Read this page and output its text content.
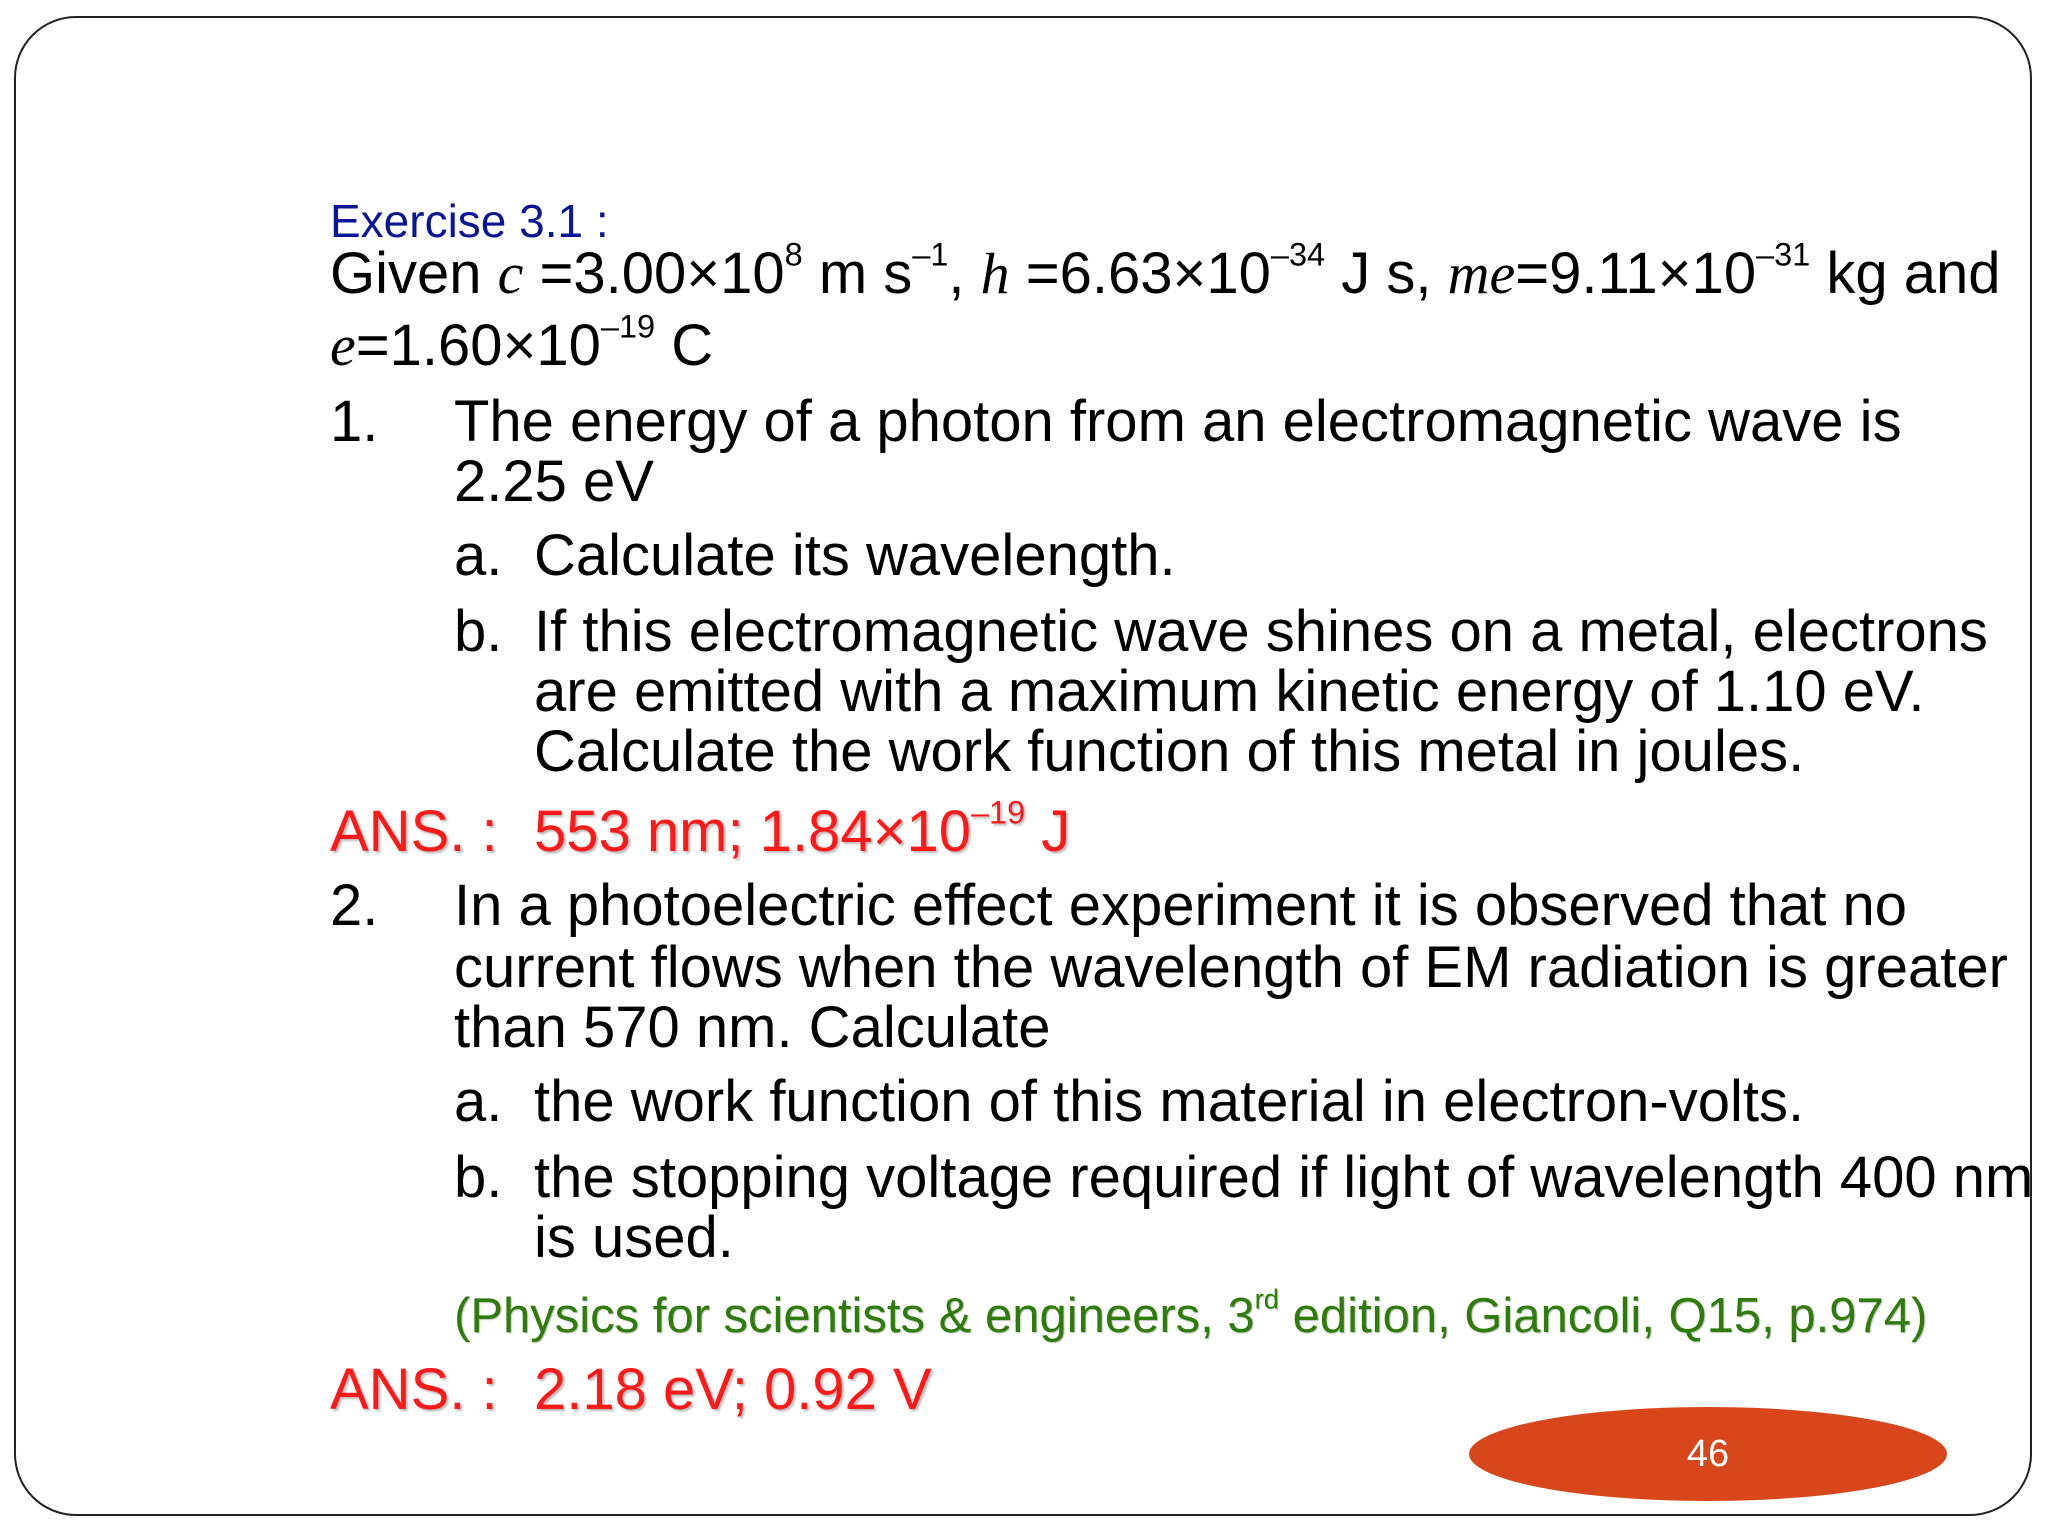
Exercise 3.1 :
Given $c =3.00\times 10^8$ m $s^{-1}$, $h =6.63\times 10^{-34}$ J s, $me=9.11\times 10^{-31}$ kg and
$e=1.60\times 10^{-19}$ C
1. The energy of a photon from an electromagnetic wave is
2.25 eV
a. Calculate its wavelength.
b. If this electromagnetic wave shines on a metal, electrons
are emitted with a maximum kinetic energy of 1.10 eV.
Calculate the work function of this metal in joules.
ANS. : 553 nm; $1.84\times 10^{-19}$ J
2. In a photoelectric effect experiment it is observed that no
current flows when the wavelength of EM radiation is greater
than 570 nm. Calculate
a. the work function of this material in electron-volts.
b. the stopping voltage required if light of wavelength 400 nm
is used.
(Physics for scientists & engineers, 3rd edition, Giancoli, Q15, p.974)
ANS. : 2.18 eV; 0.92 V
46
